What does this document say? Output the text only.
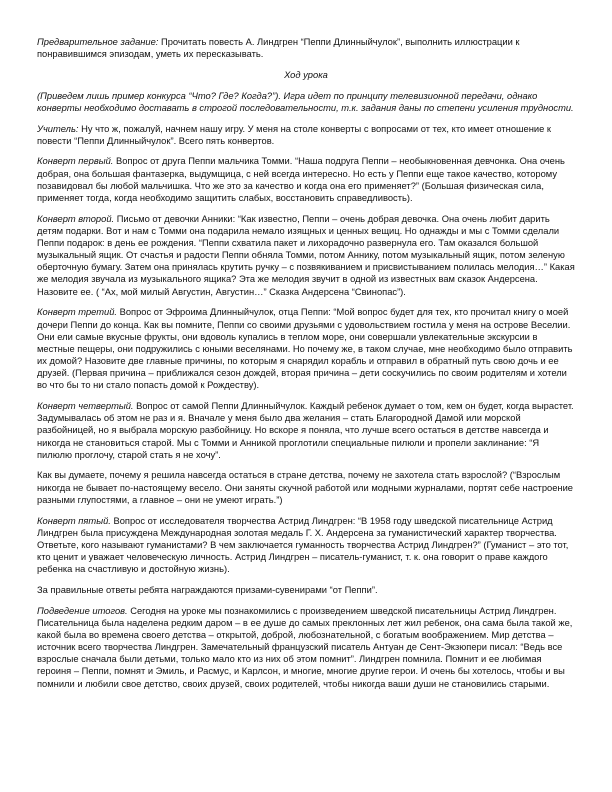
Предварительное задание: Прочитать повесть А. Линдгрен “Пеппи Длинныйчулок”, выполнить иллюстрации к понравившимся эпизодам, уметь их пересказывать.

Ход урока

(Приведем лишь пример конкурса “Что? Где? Когда?”). Игра идет по принципу телевизионной передачи, однако конверты необходимо доставать в строгой последовательности, т.к. задания даны по степени усиления трудности.

Учитель: Ну что ж, пожалуй, начнем нашу игру. У меня на столе конверты с вопросами от тех, кто имеет отношение к повести “Пеппи Длинныйчулок”. Всего пять конвертов.

Конверт первый. Вопрос от друга Пеппи мальчика Томми. “Наша подруга Пеппи – необыкновенная девчонка. Она очень добрая, она большая фантазерка, выдумщица, с ней всегда интересно. Но есть у Пеппи еще такое качество, которому позавидовал бы любой мальчишка. Что же это за качество и когда она его применяет?” (Большая физическая сила, применяет тогда, когда необходимо защитить слабых, восстановить справедливость).

Конверт второй. Письмо от девочки Анники: “Как известно, Пеппи – очень добрая девочка. Она очень любит дарить детям подарки. Вот и нам с Томми она подарила немало изящных и ценных вещиц. Но однажды и мы с Томми сделали Пеппи подарок: в день ее рождения. “Пеппи схватила пакет и лихорадочно развернула его. Там оказался большой музыкальный ящик. От счастья и радости Пеппи обняла Томми, потом Аннику, потом музыкальный ящик, потом зеленую оберточную бумагу. Затем она принялась крутить ручку – с позвякиванием и присвистыванием полилась мелодия…” Какая же мелодия звучала из музыкального ящика? Эта же мелодия звучит в одной из известных вам сказок Андерсена. Назовите ее. ( “Ах, мой милый Августин, Августин…” Сказка Андерсена “Свинопас”).

Конверт третий. Вопрос от Эфроима Длинныйчулок, отца Пеппи: “Мой вопрос будет для тех, кто прочитал книгу о моей дочери Пеппи до конца. Как вы помните, Пеппи со своими друзьями с удовольствием гостила у меня на острове Веселии. Они ели самые вкусные фрукты, они вдоволь купались в теплом море, они совершали увлекательные экскурсии в местные пещеры, они подружились с юными веселянами. Но почему же, в таком случае, мне необходимо было отправить их домой? Назовите две главные причины, по которым я снарядил корабль и отправил в обратный путь свою дочь и ее друзей. (Первая причина – приближался сезон дождей, вторая причина – дети соскучились по своим родителям и хотели во что бы то ни стало попасть домой к Рождеству).

Конверт четвертый. Вопрос от самой Пеппи Длинныйчулок. Каждый ребенок думает о том, кем он будет, когда вырастет. Задумывалась об этом не раз и я. Вначале у меня было два желания – стать Благородной Дамой или морской разбойницей, но я выбрала морскую разбойницу. Но вскоре я поняла, что лучше всего остаться в детстве навсегда и никогда не становиться старой. Мы с Томми и Анникой проглотили специальные пилюли и пропели заклинание: “Я пилюлю проглочу, старой стать я не хочу”.

Как вы думаете, почему я решила навсегда остаться в стране детства, почему не захотела стать взрослой? (“Взрослым никогда не бывает по-настоящему весело. Они заняты скучной работой или модными журналами, портят себе настроение разными глупостями, а главное – они не умеют играть.”)

Конверт пятый. Вопрос от исследователя творчества Астрид Линдгрен: “В 1958 году шведской писательнице Астрид Линдгрен была присуждена Международная золотая медаль Г. Х. Андерсена за гуманистический характер творчества. Ответьте, кого называют гуманистами? В чем заключается гуманность творчества Астрид Линдгрен?” (Гуманист – это тот, кто ценит и уважает человеческую личность. Астрид Линдгрен – писатель-гуманист, т. к. она говорит о праве каждого ребенка на счастливую и достойную жизнь).

За правильные ответы ребята награждаются призами-сувенирами “от Пеппи”.

Подведение итогов. Сегодня на уроке мы познакомились с произведением шведской писательницы Астрид Линдгрен. Писательница была наделена редким даром – в ее душе до самых преклонных лет жил ребенок, она сама была такой же, какой была во времена своего детства – открытой, доброй, любознательной, с богатым воображением. Мир детства – источник всего творчества Линдгрен. Замечательный французский писатель Антуан де Сент-Экзюпери писал: “Ведь все взрослые сначала были детьми, только мало кто из них об этом помнит”. Линдгрен помнила. Помнит и ее любимая героиня – Пеппи, помнят и Эмиль, и Расмус, и Карлсон, и многие, многие другие герои. И очень бы хотелось, чтобы и вы помнили и любили свое детство, своих друзей, своих родителей, чтобы никогда ваши души не становились старыми.
